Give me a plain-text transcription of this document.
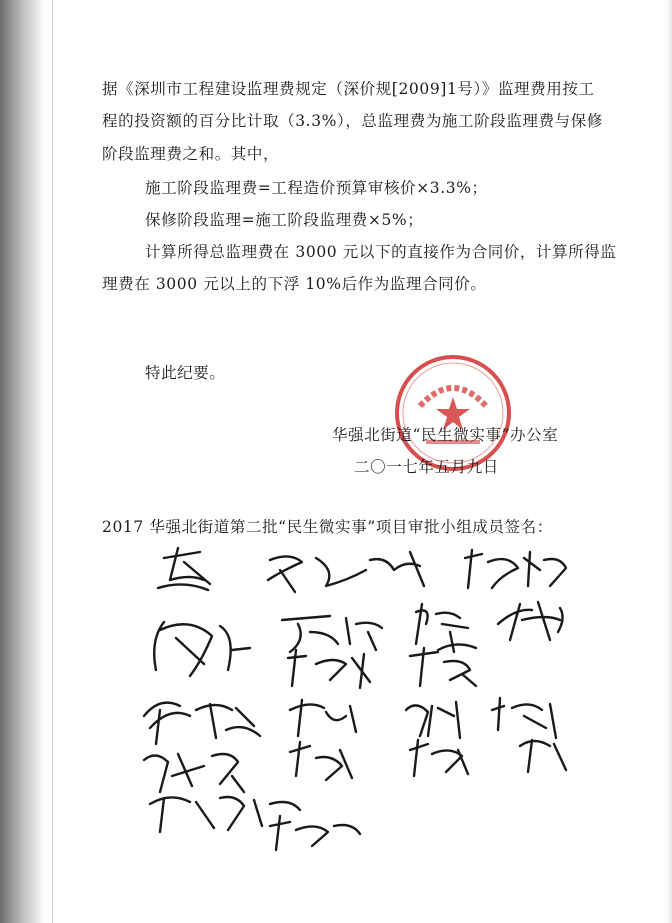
据《深圳市工程建设监理费规定（深价规[2009]1号）》监理费用按工
程的投资额的百分比计取（3.3%），总监理费为施工阶段监理费与保修
阶段监理费之和。其中，
施工阶段监理费=工程造价预算审核价×3.3%；
保修阶段监理=施工阶段监理费×5%；
计算所得总监理费在 3000 元以下的直接作为合同价，计算所得监
理费在 3000 元以上的下浮 10%后作为监理合同价。
特此纪要。
华强北街道“民生微实事”办公室
二〇一七年五月九日
2017 华强北街道第二批“民生微实事”项目审批小组成员签名：
